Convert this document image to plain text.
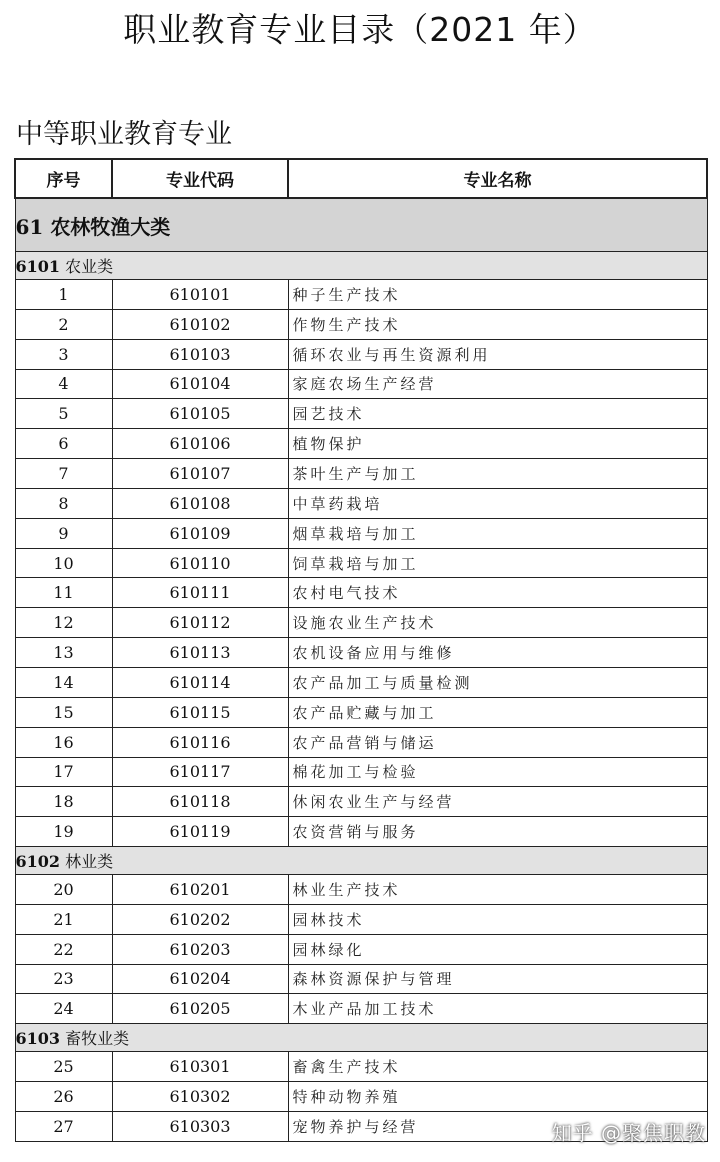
职业教育专业目录（2021 年）
中等职业教育专业
序号	专业代码	专业名称
61 农林牧渔大类		
6101 农业类		
1	610101	种子生产技术
2	610102	作物生产技术
3	610103	循环农业与再生资源利用
4	610104	家庭农场生产经营
5	610105	园艺技术
6	610106	植物保护
7	610107	茶叶生产与加工
8	610108	中草药栽培
9	610109	烟草栽培与加工
10	610110	饲草栽培与加工
11	610111	农村电气技术
12	610112	设施农业生产技术
13	610113	农机设备应用与维修
14	610114	农产品加工与质量检测
15	610115	农产品贮藏与加工
16	610116	农产品营销与储运
17	610117	棉花加工与检验
18	610118	休闲农业生产与经营
19	610119	农资营销与服务
6102 林业类		
20	610201	林业生产技术
21	610202	园林技术
22	610203	园林绿化
23	610204	森林资源保护与管理
24	610205	木业产品加工技术
6103 畜牧业类		
25	610301	畜禽生产技术
26	610302	特种动物养殖
27	610303	宠物养护与经营	知乎 @聚焦职教
